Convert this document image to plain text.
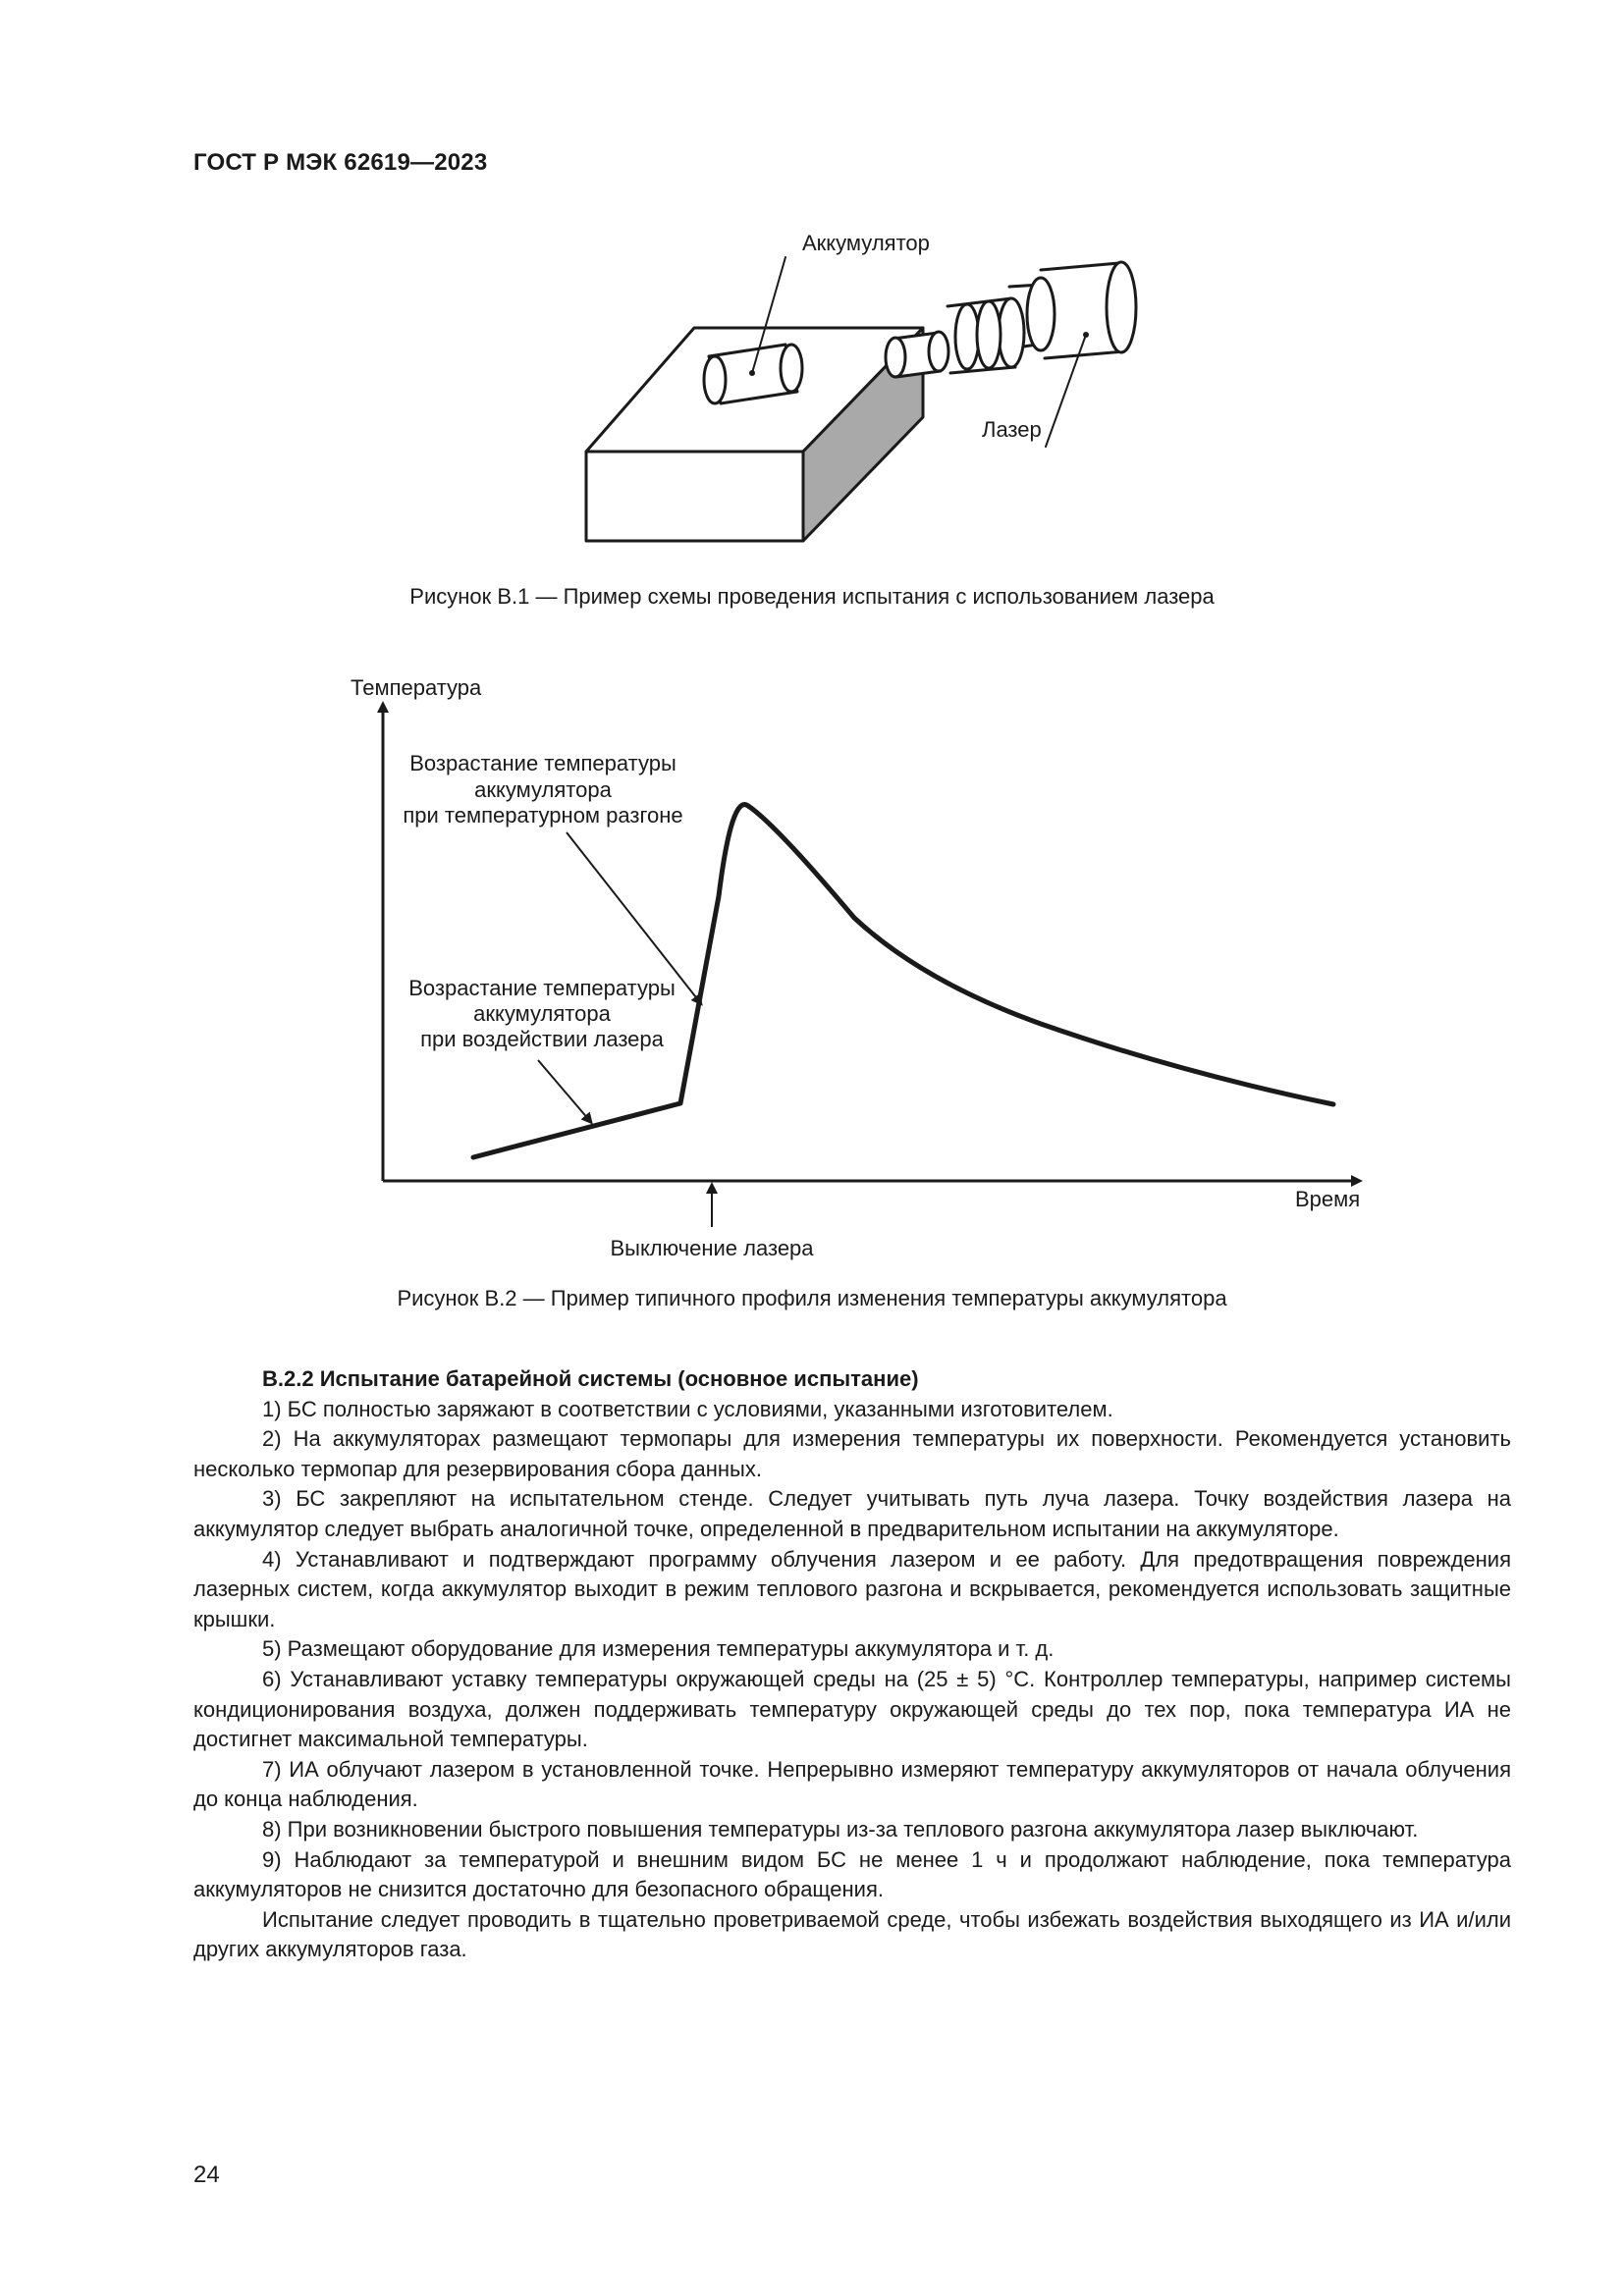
ГОСТ Р МЭК 62619—2023
Аккумулятор
Лазер
Рисунок В.1 — Пример схемы проведения испытания с использованием лазера
Температура
Время
Возрастание температуры
аккумулятора
при температурном разгоне
Возрастание температуры
аккумулятора
при воздействии лазера
Выключение лазера
Рисунок В.2 — Пример типичного профиля изменения температуры аккумулятора

В.2.2 Испытание батарейной системы (основное испытание)

1) БС полностью заряжают в соответствии с условиями, указанными изготовителем.

2) На аккумуляторах размещают термопары для измерения температуры их поверхности. Рекомендуется установить несколько термопар для резервирования сбора данных.

3) БС закрепляют на испытательном стенде. Следует учитывать путь луча лазера. Точку воздействия лазера на аккумулятор следует выбрать аналогичной точке, определенной в предварительном испытании на аккумуляторе.

4) Устанавливают и подтверждают программу облучения лазером и ее работу. Для предотвращения повреждения лазерных систем, когда аккумулятор выходит в режим теплового разгона и вскрывается, рекомендуется использовать защитные крышки.

5) Размещают оборудование для измерения температуры аккумулятора и т. д.

6) Устанавливают уставку температуры окружающей среды на (25 ± 5) °С. Контроллер температуры, например системы кондиционирования воздуха, должен поддерживать температуру окружающей среды до тех пор, пока температура ИА не достигнет максимальной температуры.

7) ИА облучают лазером в установленной точке. Непрерывно измеряют температуру аккумуляторов от начала облучения до конца наблюдения.

8) При возникновении быстрого повышения температуры из-за теплового разгона аккумулятора лазер выключают.

9) Наблюдают за температурой и внешним видом БС не менее 1 ч и продолжают наблюдение, пока температура аккумуляторов не снизится достаточно для безопасного обращения.

Испытание следует проводить в тщательно проветриваемой среде, чтобы избежать воздействия выходящего из ИА и/или других аккумуляторов газа.

24
